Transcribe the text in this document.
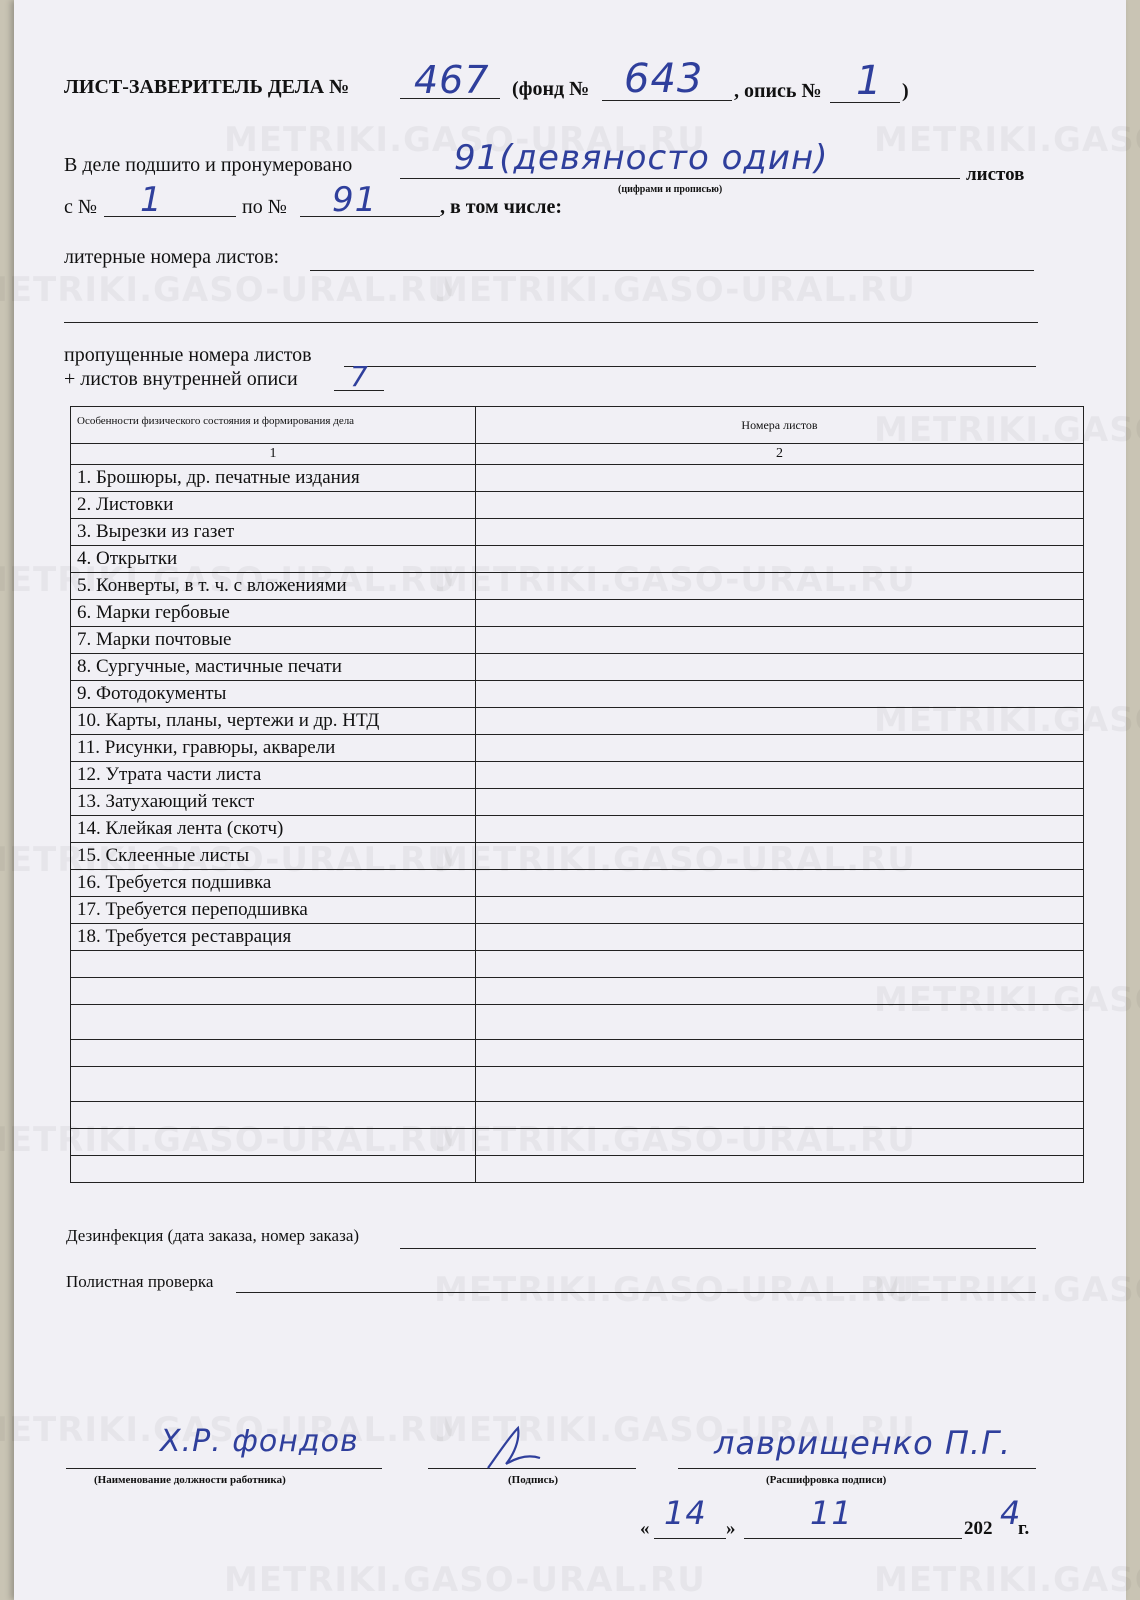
ЛИСТ-ЗАВЕРИТЕЛЬ ДЕЛА № 467 (фонд № 643 , опись № 1 )
В деле подшито и пронумеровано	91(девяносто один)
(цифрами и прописью)
листов
с № 1	по № 91	, в том числе:
литерные номера листов:
пропущенные номера листов
+ листов внутренней описи 7
Особенности физического состояния и формирования дела	Номера листов
1	2
1. Брошюры, др. печатные издания	
2. Листовки	
3. Вырезки из газет	
4. Открытки	
5. Конверты, в т. ч. с вложениями	
6. Марки гербовые	
7. Марки почтовые	
8. Сургучные, мастичные печати	
9. Фотодокументы	
10. Карты, планы, чертежи и др. НТД	
11. Рисунки, гравюры, акварели	
12. Утрата части листа	
13. Затухающий текст	
14. Клейкая лента (скотч)	
15. Склеенные листы	
16. Требуется подшивка	
17. Требуется переподшивка	
18. Требуется реставрация	

Дезинфекция (дата заказа, номер заказа)
Полистная проверка
Х.Р. фондов
(Наименование должности работника)	(Подпись)
лаврищенко П.Г.
(Расшифровка подписи)
« 14 » 11	202 4
г.
